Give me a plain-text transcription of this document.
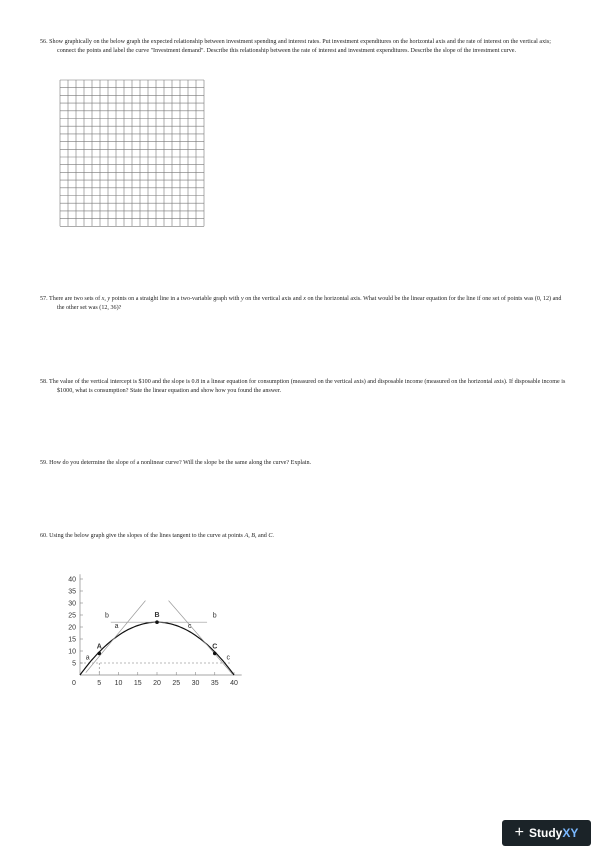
56. Show graphically on the below graph the expected relationship between investment spending and interest rates. Put investment expenditures on the horizontal axis and the rate of interest on the vertical axis; connect the points and label the curve "Investment demand". Describe this relationship between the rate of interest and investment expenditures. Describe the slope of the investment curve.
57. There are two sets of x, y points on a straight line in a two-variable graph with y on the vertical axis and x on the horizontal axis. What would be the linear equation for the line if one set of points was (0, 12) and the other set was (12, 36)?
58. The value of the vertical intercept is $100 and the slope is 0.8 in a linear equation for consumption (measured on the vertical axis) and disposable income (measured on the horizontal axis). If disposable income is $1000, what is consumption? State the linear equation and show how you found the answer.
59. How do you determine the slope of a nonlinear curve? Will the slope be the same along the curve? Explain.
60. Using the below graph give the slopes of the lines tangent to the curve at points A, B, and C.
5
10
15
20
25
30
35
40
0	5 10 15 20 25 30 35 40
a
a
b	b
c
c
A
B
C
+ Study XY
